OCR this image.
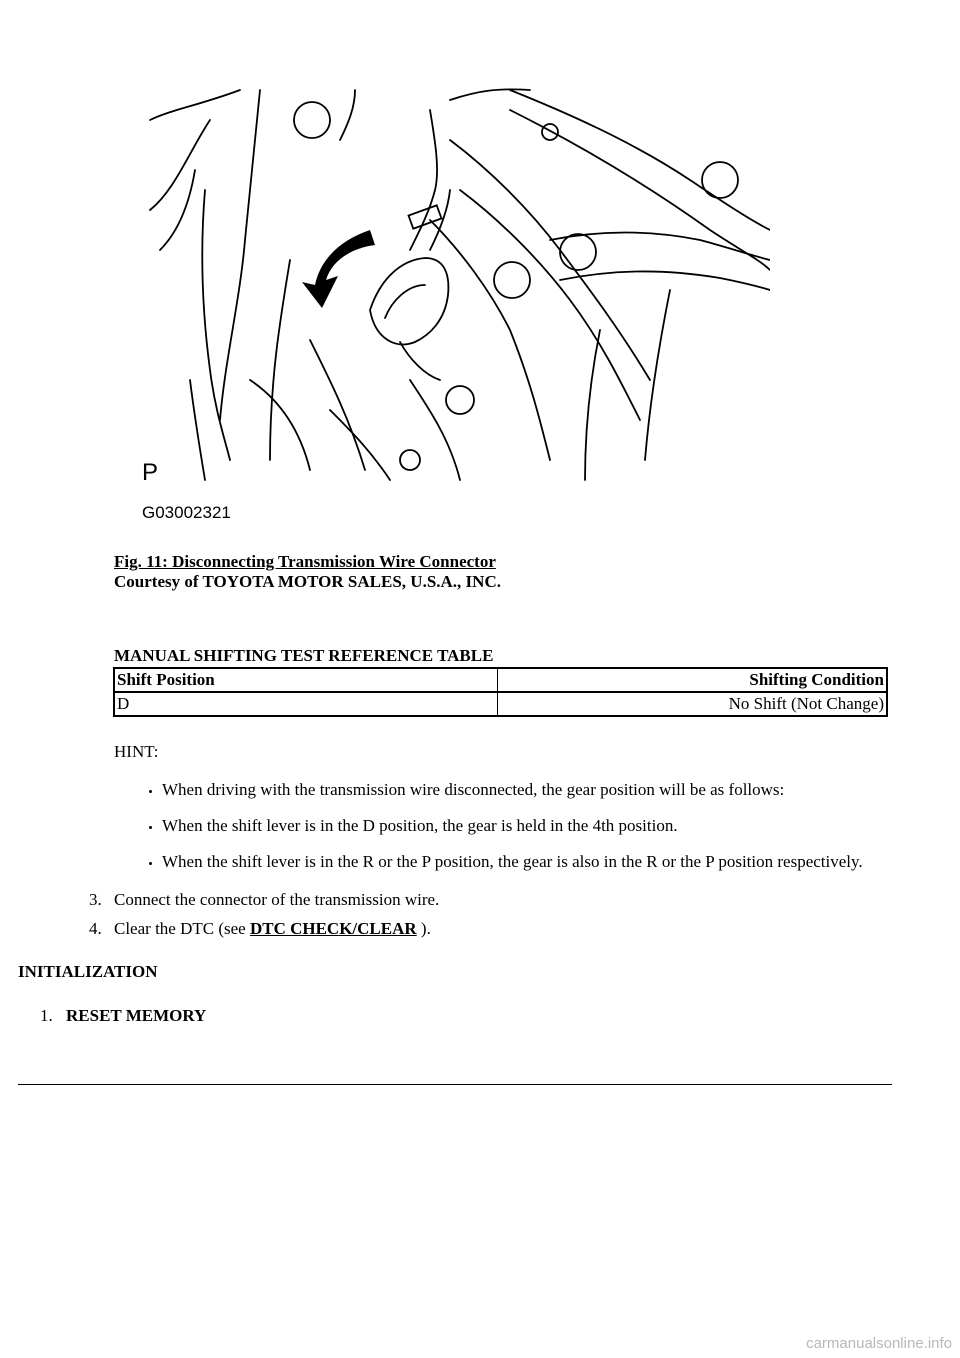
P
G03002321
Fig. 11: Disconnecting Transmission Wire Connector
Courtesy of TOYOTA MOTOR SALES, U.S.A., INC.
MANUAL SHIFTING TEST REFERENCE TABLE
Shift Position	Shifting Condition
D	No Shift (Not Change)
HINT:
• When driving with the transmission wire disconnected, the gear position will be as follows:
• When the shift lever is in the D position, the gear is held in the 4th position.
• When the shift lever is in the R or the P position, the gear is also in the R or the P position respectively.
3. Connect the connector of the transmission wire.
4. Clear the DTC (see DTC CHECK/CLEAR ).
INITIALIZATION
1. RESET MEMORY
carmanualsonline.info
